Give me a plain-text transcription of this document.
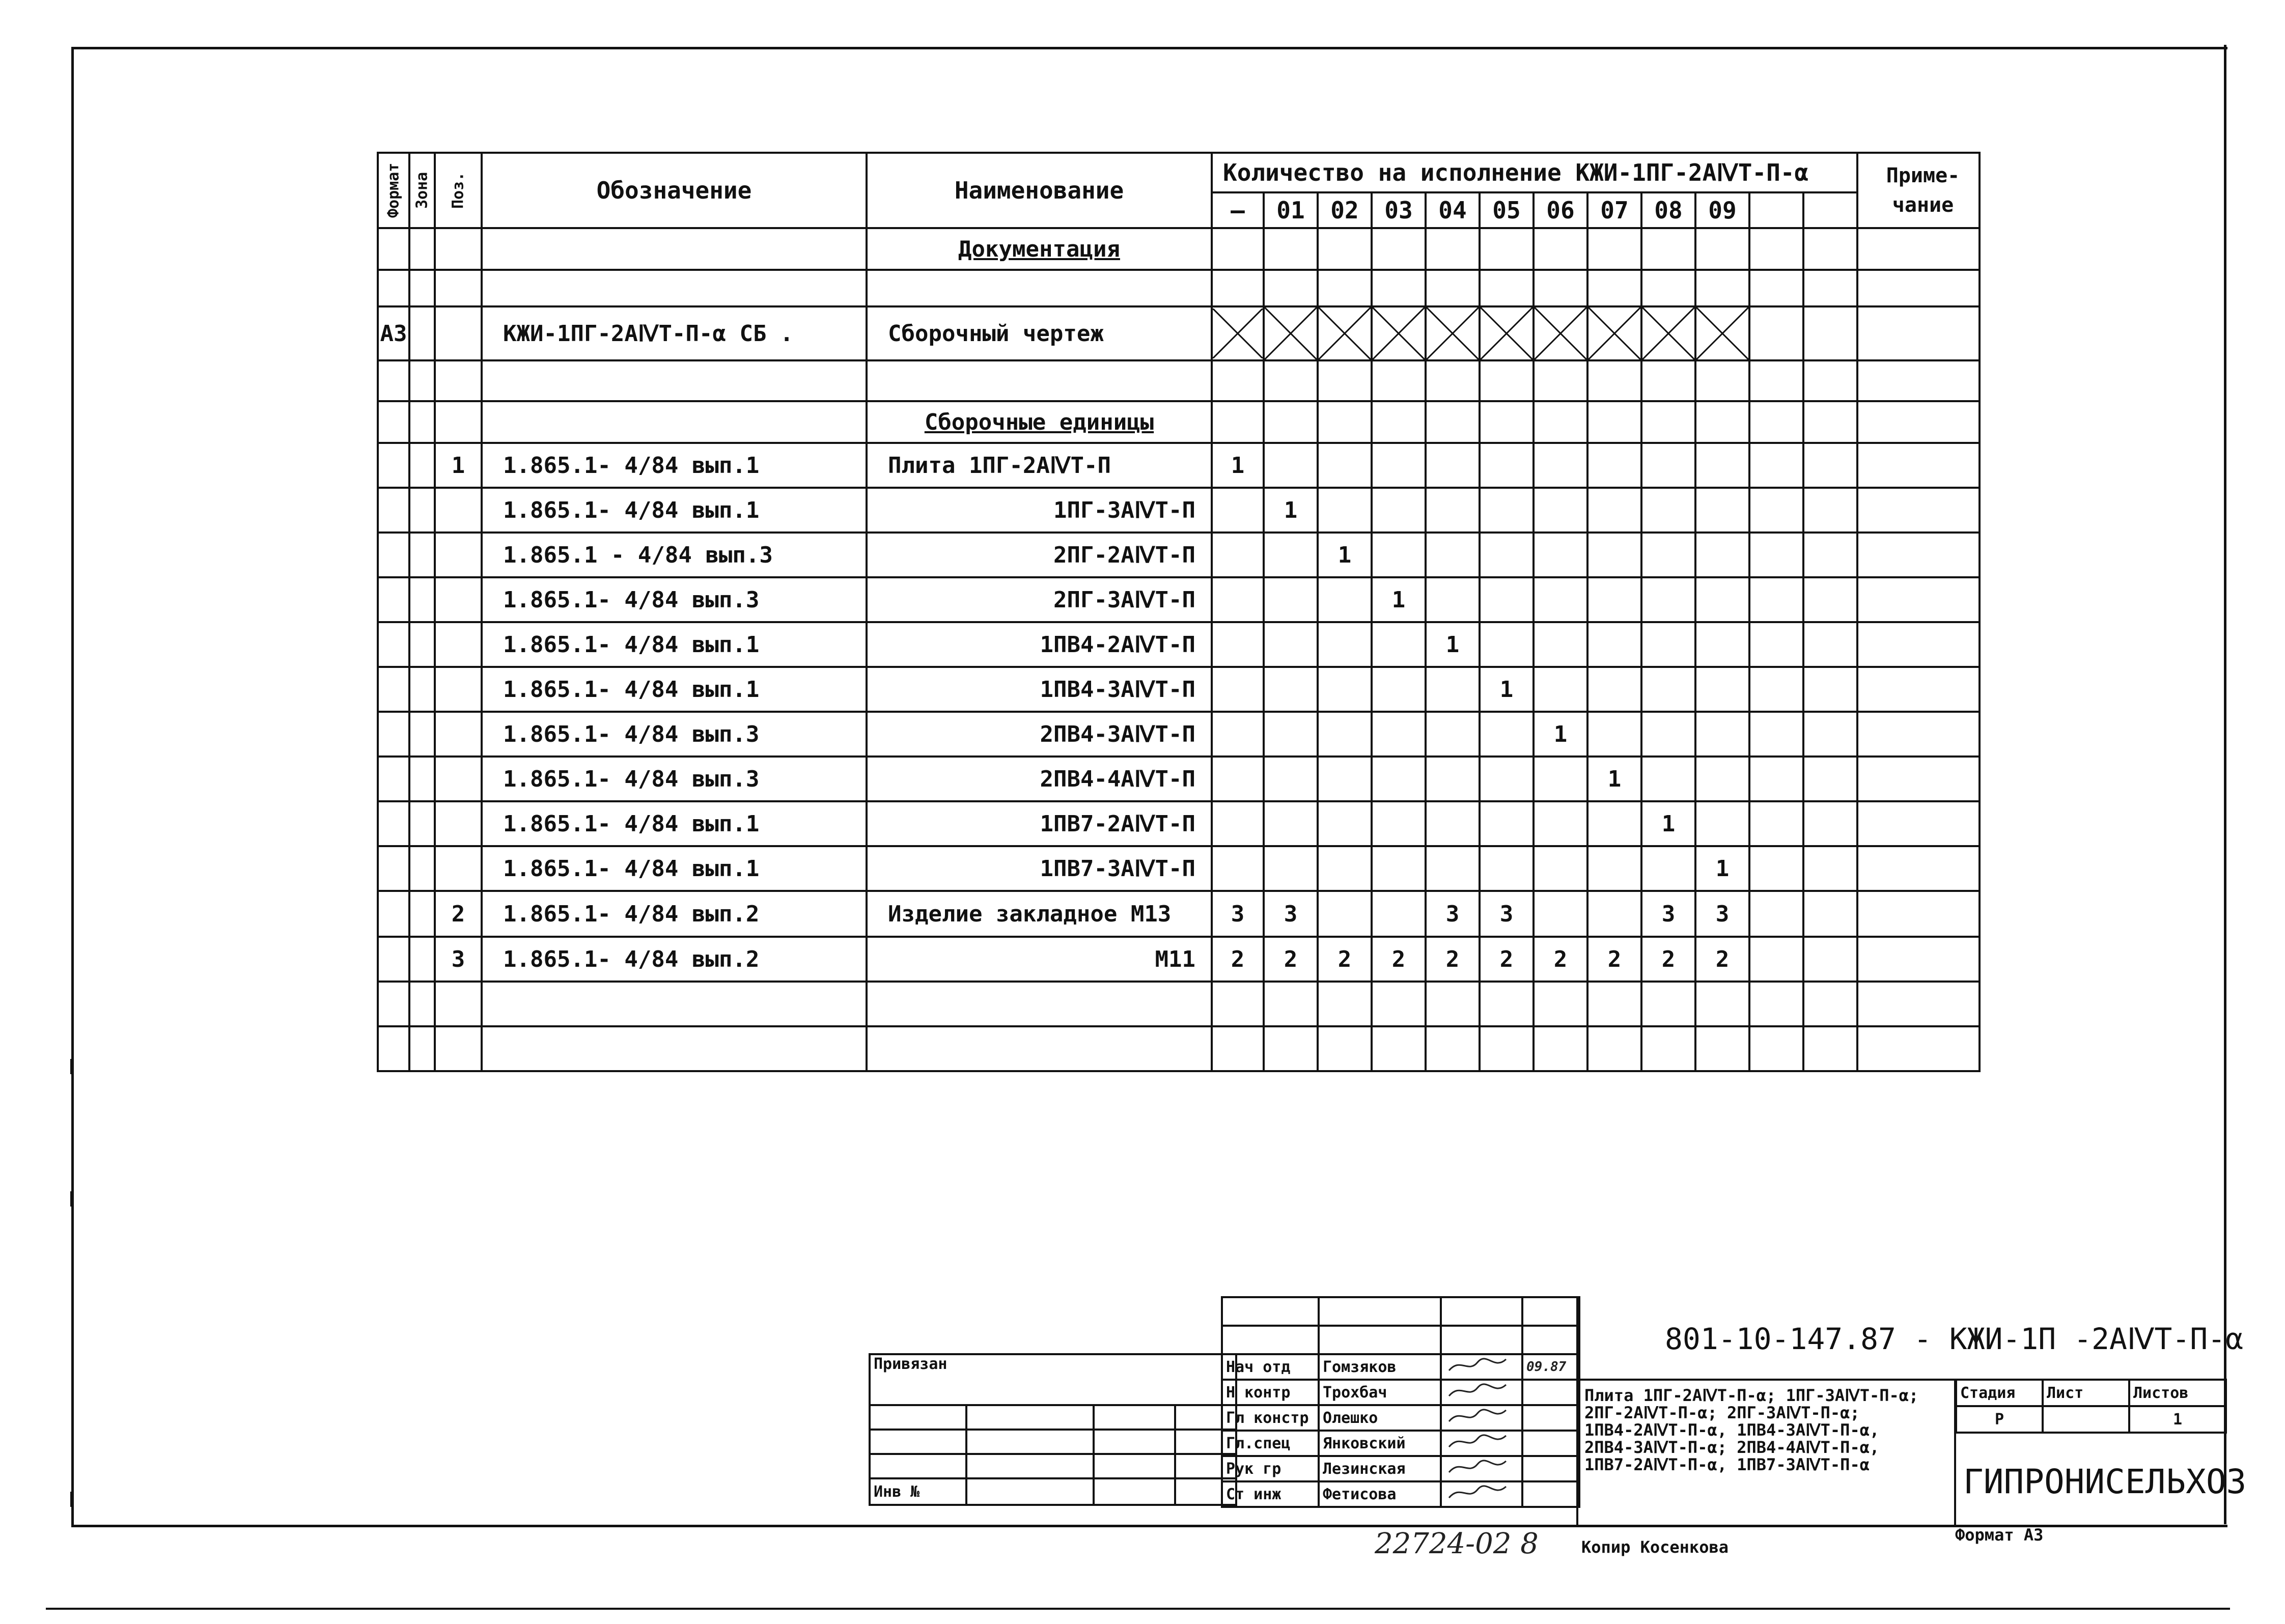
Формат	Зона	Поз.	Обозначение	Наименование	Количество на исполнение КЖИ-1ПГ-2АⅣТ-П-α												Приме-чание
					—	01	02	03	04	05	06	07	08	09			
				Документация													

А3			КЖИ-1ПГ-2АⅣТ-П-α СБ .	Сборочный чертеж	

				Сборочные единицы													
		1	1.865.1- 4/84 вып.1	Плита 1ПГ-2АⅣТ-П	1												
			1.865.1- 4/84 вып.1	1ПГ-3АⅣТ-П		1											
			1.865.1 - 4/84 вып.3	2ПГ-2АⅣТ-П			1										
			1.865.1- 4/84 вып.3	2ПГ-3АⅣТ-П				1									
			1.865.1- 4/84 вып.1	1ПВ4-2АⅣТ-П					1								
			1.865.1- 4/84 вып.1	1ПВ4-3АⅣТ-П						1							
			1.865.1- 4/84 вып.3	2ПВ4-3АⅣТ-П							1						
			1.865.1- 4/84 вып.3	2ПВ4-4АⅣТ-П								1					
			1.865.1- 4/84 вып.1	1ПВ7-2АⅣТ-П									1				
			1.865.1- 4/84 вып.1	1ПВ7-3АⅣТ-П										1			
		2	1.865.1- 4/84 вып.2	Изделие закладное М13	3	3			3	3			3	3			
		3	1.865.1- 4/84 вып.2	М11	2	2	2	2	2	2	2	2	2	2			

Привязан			

Инв №			

Нач отд	Гомзяков		09.87
Н контр	Трохбач		
Гл констр	Олешко		
Гл.спец	Янковский		
Рук гр	Лезинская		
Ст инж	Фетисова		
801-10-147.87 - КЖИ-1П -2АⅣТ-П-α
Плита 1ПГ-2АⅣТ-П-α; 1ПГ-3АⅣТ-П-α;
2ПГ-2АⅣТ-П-α; 2ПГ-3АⅣТ-П-α;
1ПВ4-2АⅣТ-П-α, 1ПВ4-3АⅣТ-П-α,
2ПВ4-3АⅣТ-П-α; 2ПВ4-4АⅣТ-П-α,
1ПВ7-2АⅣТ-П-α, 1ПВ7-3АⅣТ-П-α
Стадия	Лист	Листов
Р		1
ГИПРОНИСЕЛЬХОЗ
22724-02 8	Копир Косенкова
Формат А3
